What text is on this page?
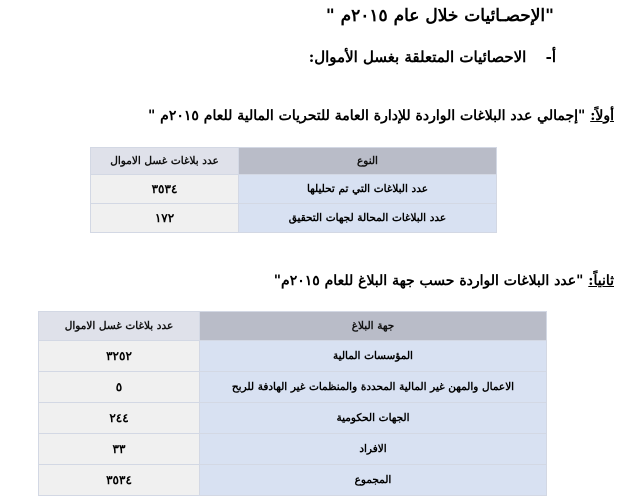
"الإحصـائيات خلال عام ٢٠١٥م "
أ- الاحصائيات المتعلقة بغسل الأموال:
أولاً: "إجمالي عدد البلاغات الواردة للإدارة العامة للتحريات المالية للعام ٢٠١٥م "
النوع	عدد بلاغات غسل الاموال
عدد البلاغات التي تم تحليلها	٣٥٣٤
عدد البلاغات المحالة لجهات التحقيق	١٧٢
ثانياً: "عدد البلاغات الواردة حسب جهة البلاغ للعام ٢٠١٥م"
جهة البلاغ	عدد بلاغات غسل الاموال
المؤسسات المالية	٣٢٥٢
الاعمال والمهن غير المالية المحددة والمنظمات غير الهادفة للربح	٥
الجهات الحكومية	٢٤٤
الافراد	٣٣
المجموع	٣٥٣٤
